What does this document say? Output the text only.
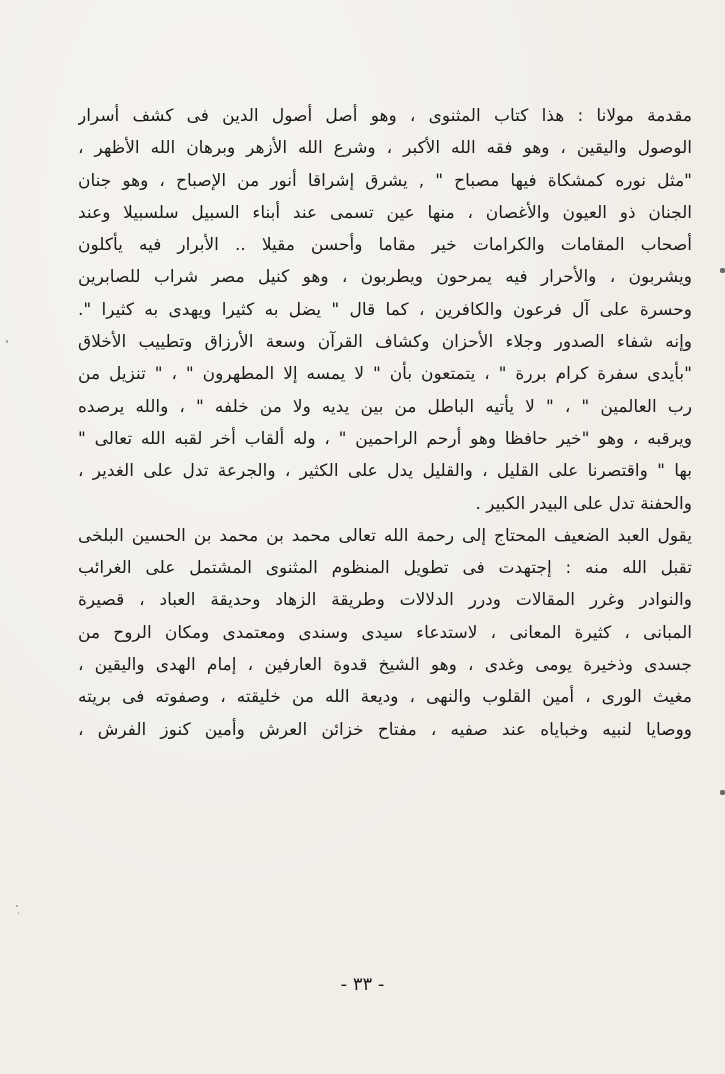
مقدمة مولانا : هذا كتاب المثنوى ، وهو أصل أصول الدين فى كشف أسرار
الوصول واليقين ، وهو فقه الله الأكبر ، وشرع الله الأزهر وبرهان الله الأظهر ،
"مثل نوره كمشكاة فيها مصباح " , يشرق إشراقا أنور من الإصباح ، وهو جنان
الجنان ذو العيون والأغصان ، منها عين تسمى عند أبناء السبيل سلسبيلا وعند
أصحاب المقامات والكرامات خير مقاما وأحسن مقيلا .. الأبرار فيه يأكلون
ويشربون ، والأحرار فيه يمرحون ويطربون ، وهو كنيل مصر شراب للصابرين
وحسرة على آل فرعون والكافرين ، كما قال " يضل به كثيرا ويهدى به كثيرا ".
وإنه شفاء الصدور وجلاء الأحزان وكشاف القرآن وسعة الأرزاق وتطييب الأخلاق
"بأيدى سفرة كرام بررة " ، يتمتعون بأن " لا يمسه إلا المطهرون " ، " تنزيل من
رب العالمين " ، " لا يأتيه الباطل من بين يديه ولا من خلفه " ، والله يرصده
ويرقبه ، وهو "خير حافظا وهو أرحم الراحمين " ، وله ألقاب أخر لقبه الله تعالى "
بها " واقتصرنا على القليل ، والقليل يدل على الكثير ، والجرعة تدل على الغدير ،
والحفنة تدل على البيدر الكبير .
يقول العبد الضعيف المحتاج إلى رحمة الله تعالى محمد بن محمد بن الحسين البلخى
تقبل الله منه : إجتهدت فى تطويل المنظوم المثنوى المشتمل على الغرائب
والنوادر وغرر المقالات ودرر الدلالات وطريقة الزهاد وحديقة العباد ، قصيرة
المبانى ، كثيرة المعانى ، لاستدعاء سيدى وسندى ومعتمدى ومكان الروح من
جسدى وذخيرة يومى وغدى ، وهو الشيخ قدوة العارفين ، إمام الهدى واليقين ،
مغيث الورى ، أمين القلوب والنهى ، وديعة الله من خليقته ، وصفوته فى بريته
ووصايا لنبيه وخباياه عند صفيه ، مفتاح خزائن العرش وأمين كنوز الفرش ،
- ٣٣ -
